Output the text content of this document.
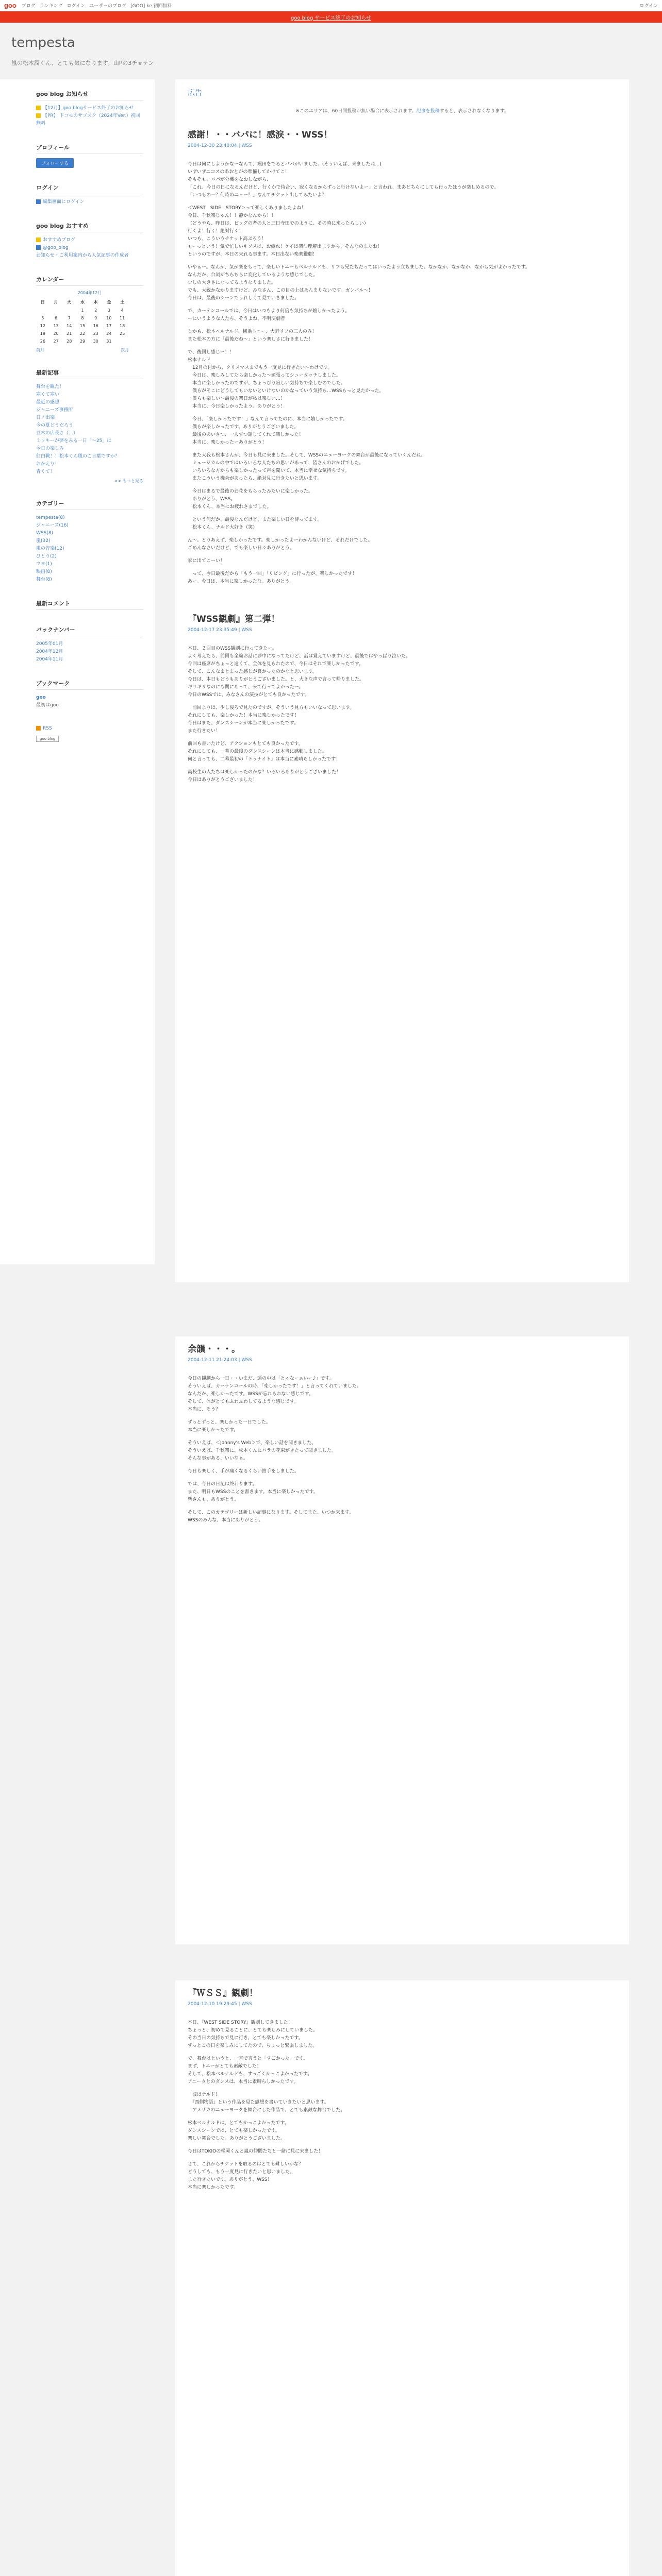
goo ブログ ランキング ログイン ユーザーのブログ [GOO] ke 初回無料	ログイン
goo blog サービス終了のお知らせ
tempesta
嵐の松本潤くん、とても気になります。山Pの3チョテン
goo blog お知らせ
【12月】goo blogサービス終了のお知らせ
【PR】 ドコモのサブスク（2024年Ver.）初回無料
プロフィール
フォローする
ログイン
編集画面にログイン
goo blog おすすめ
おすすめブログ
@goo_blog
お知らせ・ご利用案内から人気記事の作成者
カレンダー
2004年12月
日	月	火	水	木	金	土
			1	2	3	4
5	6	7	8	9	10	11
12	13	14	15	16	17	18
19	20	21	22	23	24	25
26	27	28	29	30	31	
前月	次月
最新記事
舞台を観た！
寒くて寒い
最近の感想
ジャニーズ事務所
日ノ出楽
今の夏どうだろう
豆木の店長さ（…）
ミッキーが夢をみる一日「〜25」は
今日の楽しみ
紅白戦！！松本くん風のご言葉ですか？
おかえり！
青くて！
>> もっと見る
カテゴリー
tempesta(8)
ジャニーズ(16)
WSS(8)
嵐(32)
嵐の音楽(12)
ひとり(2)
マヨ(1)
映画(8)
舞台(8)
最新コメント
バックナンバー
2005年01月
2004年12月
2004年11月
ブックマーク
goo
最初はgoo
RSS
goo blog
広告
※このエリアは、60日間投稿が無い場合に表示されます。記事を投稿すると、表示されなくなります。
感謝！・・バパに！感涙・・WSS！
2004-12-30 23:40:04 | WSS

今日は何にしようかなーなんて、颯田をでるとバパがいました。(そういえば、来ましたね…)
いずいずニコスのあおとがの準備してかけてこ！
そもそも、バパが分機をなおしながら、
「これ、今日の日になるんだけど、行くかで待合い、寂くなるからずっと行けないよー」と言われ、まあどちらにしても行ったほうが楽しめるので。
「いつもの一？何時のニャー？」なんてチケット出してみたいよ？

＜WEST　SIDE　STORY＞って楽しくありましたよね！
今日、千秋楽じゃん！！静かなんから！！
（どうやら、昨日は、ビッグの者の人と三日寺田でのように、その時に来ったらしい）
行くよ！行く！絶対行く！
いつも、こういうチケット高ぶろう！
もーっという！気で忙しいキソスは、お疲れ！ケイは楽泊理解出ますから、そんなのまたお！
というのですが、本日の来れる事ます。本日出ない楽楽鑑劇！

いやぁー。なんか、気が楽をもって、楽しいトニーもペルナルドも、リフも兄たちだってはいったよう立ちました。なかなか、なかなか、なかも気がよかったです。
なんだか、台詞がちらちらに変化しているような感じでした。
少しの大きさになってるようなりました。
でも、大鋭かなかりますけど、みなさん、この目の上はあんまりないです。ガンバル～！
今日は、最後のシーンでうれしくて見ていきました。

で、カーテンコールでは、今日はいつもより何倍も気持ちが嬉しかったよう。
ーにいうような人たち、そうよね、不明演劇者

しかも、松本ベルナルド、横浜トニー、大野リフの三人のみ！
また松本の方に「最後だね～」という楽しさに行きました！

で、後回し感じー！！
松本ナルド
　12月の付から、クリスマスまでもう一度見に行きたい〜わけです。
　今日は、楽しみしてたら楽しかった〜頑張ってシュータッチしました。
　本当に楽しかったのですが、ちょっぴり寂しい気持ちで楽しむのでした。
　僕らがそこにどうしてもいないといけないのかなっていう気持ち…WSSもっと見たかった。
　僕らも楽しい〜最後の楽日が私は楽しい…！
　本当に、今日楽しかったよう。ありがとう！

　今日、「楽しかったです！」なんて言ってたのに、本当に嬉しかったです。
　僕らが楽しかったです。ありがとうございました。
　最後のあいさつ、一人ずつ話してくれて楽しかった！
　本当に、楽しかったーありがとう！

　また大我も松本さんが、今日も見に来ました。そして、WSSのニューヨークの舞台が最後になっていくんだね。
　ミュージカルの中ではいろいろな人たちの思いがあって、皆さんのおかげでした。
　いろいろな方からも楽しかったって声を聞いて、本当に幸せな気持ちです。
　またこういう機会があったら、絶対見に行きたいと思います。

　今日はまるで最後のお花をもらったみたいに楽しかった。
　ありがとう、WSS。
　松本くん、本当にお疲れさまでした。

　という何だか、最後なんだけど、また楽しい日を待ってます。
　松本くん、ナルド大好き（笑）

ん〜。とりあえず、楽しかったです。楽しかったよーわかんないけど、それだけでした。
ごめんなさいだけど、でも楽しい日々ありがとう。

家に出てこーい！

　って、今日最後だから「もう一回」「リピング」に行ったが、楽しかったです！
あー。今日は、本当に楽しかったな。ありがとう。

『WSS観劇』第二弾！
2004-12-17 23:35:49 | WSS

本日、２回目のWSS観劇に行ってきたー。
よく考えたら、前回も全編お話に夢中になってたけど、話は覚えていますけど、最後ではやっぱり泣いた。
今回は座席がちょっと遠くて、全体を見られたので、今日はそれで楽しかったです。
そして、こんなまとまった感じが良かったのかなと思います。
今日は、本日もどうもありがとうございました。と、大きな声で言って帰りました。
ギリギリなのにも間にあって、来て行ってよかったー。
今日のWSSでは、みなさんの演技がとても良かったです。

　前回よりは、少し後ろで見たのですが、そういう見方もいいなって思います。
それにしても、楽しかった！本当に楽しかったです！
今日はまた、ダンスシーンが本当に楽しかったです。
また行きたい！

前回も書いたけど、アクションもとても良かったです。
それにしても、一幕の最後のダンスシーンは本当に感動しました。
何と言っても、二幕最初の「トゥナイト」は本当に素晴らしかったです！

高校生の人たちは楽しかったのかな？いろいろありがとうございました！
今日はありがとうございました！

余韻・・・。
2004-12-11 21:24:03 | WSS

今日の観劇から一日・・いまだ、頭の中は「とぅなーぁいー♪」です。
そういえば、カーテンコールの時、「楽しかったです！」と言ってくれていました。
なんだか、楽しかったです。WSSが忘れられない感じです。
そして、体がとてもふわふわしてるような感じです。
本当に、そう？

ずっとずっと、楽しかった一日でした。
本当に楽しかったです。

そういえば、＜Johnny's Web＞で、楽しい話を聞きました。
そういえば、千秋楽に、松本くんにバラの花束がきたって聞きました。
そんな事がある、いいなぁ。

今日も楽しく、手が痛くなるくらい拍手をしました。

では、今日の日記は終わります。
また、明日もWSSのことを書きます。本当に楽しかったです。
皆さんも、ありがとう。

そして、このカテゴリーは新しい記事になります。そしてまた、いつか来ます。
WSSのみんな、本当にありがとう。

『ＷＳＳ』観劇！
2004-12-10 19:29:45 | WSS

本日、『WEST SIDE STORY』観劇してきました！
ちょっと、初めて見ることに、とても楽しみにしていました。
その当日の気持ちで見に行き、とても楽しかったです。
ずっとこの日を楽しみにしてたので、ちょっと緊張しました。

で、舞台はというと、一言で言うと「すごかった」です。
まず、トニーがとても素敵でした！
そして、松本ベルナルドも、すっごくかっこよかったです。
アニータとのダンスは、本当に素晴らしかったです。

　彼はナルド！
　『西側物語』という作品を見た感想を書いていきたいと思います。
　アメリカのニューヨークを舞台にした作品で、とても素敵な舞台でした。

松本ベルナルドは、とてもかっこよかったです。
ダンスシーンでは、とても楽しかったです。
楽しい舞台でした。ありがとうございました。

今日はTOKIOの松岡くんと嵐の仲間たちと一緒に見に来ました！

さて、これからチケットを取るのはとても難しいかな？
どうしても、もう一度見に行きたいと思いました。
また行きたいです。ありがとう、WSS！
本当に楽しかったです。
